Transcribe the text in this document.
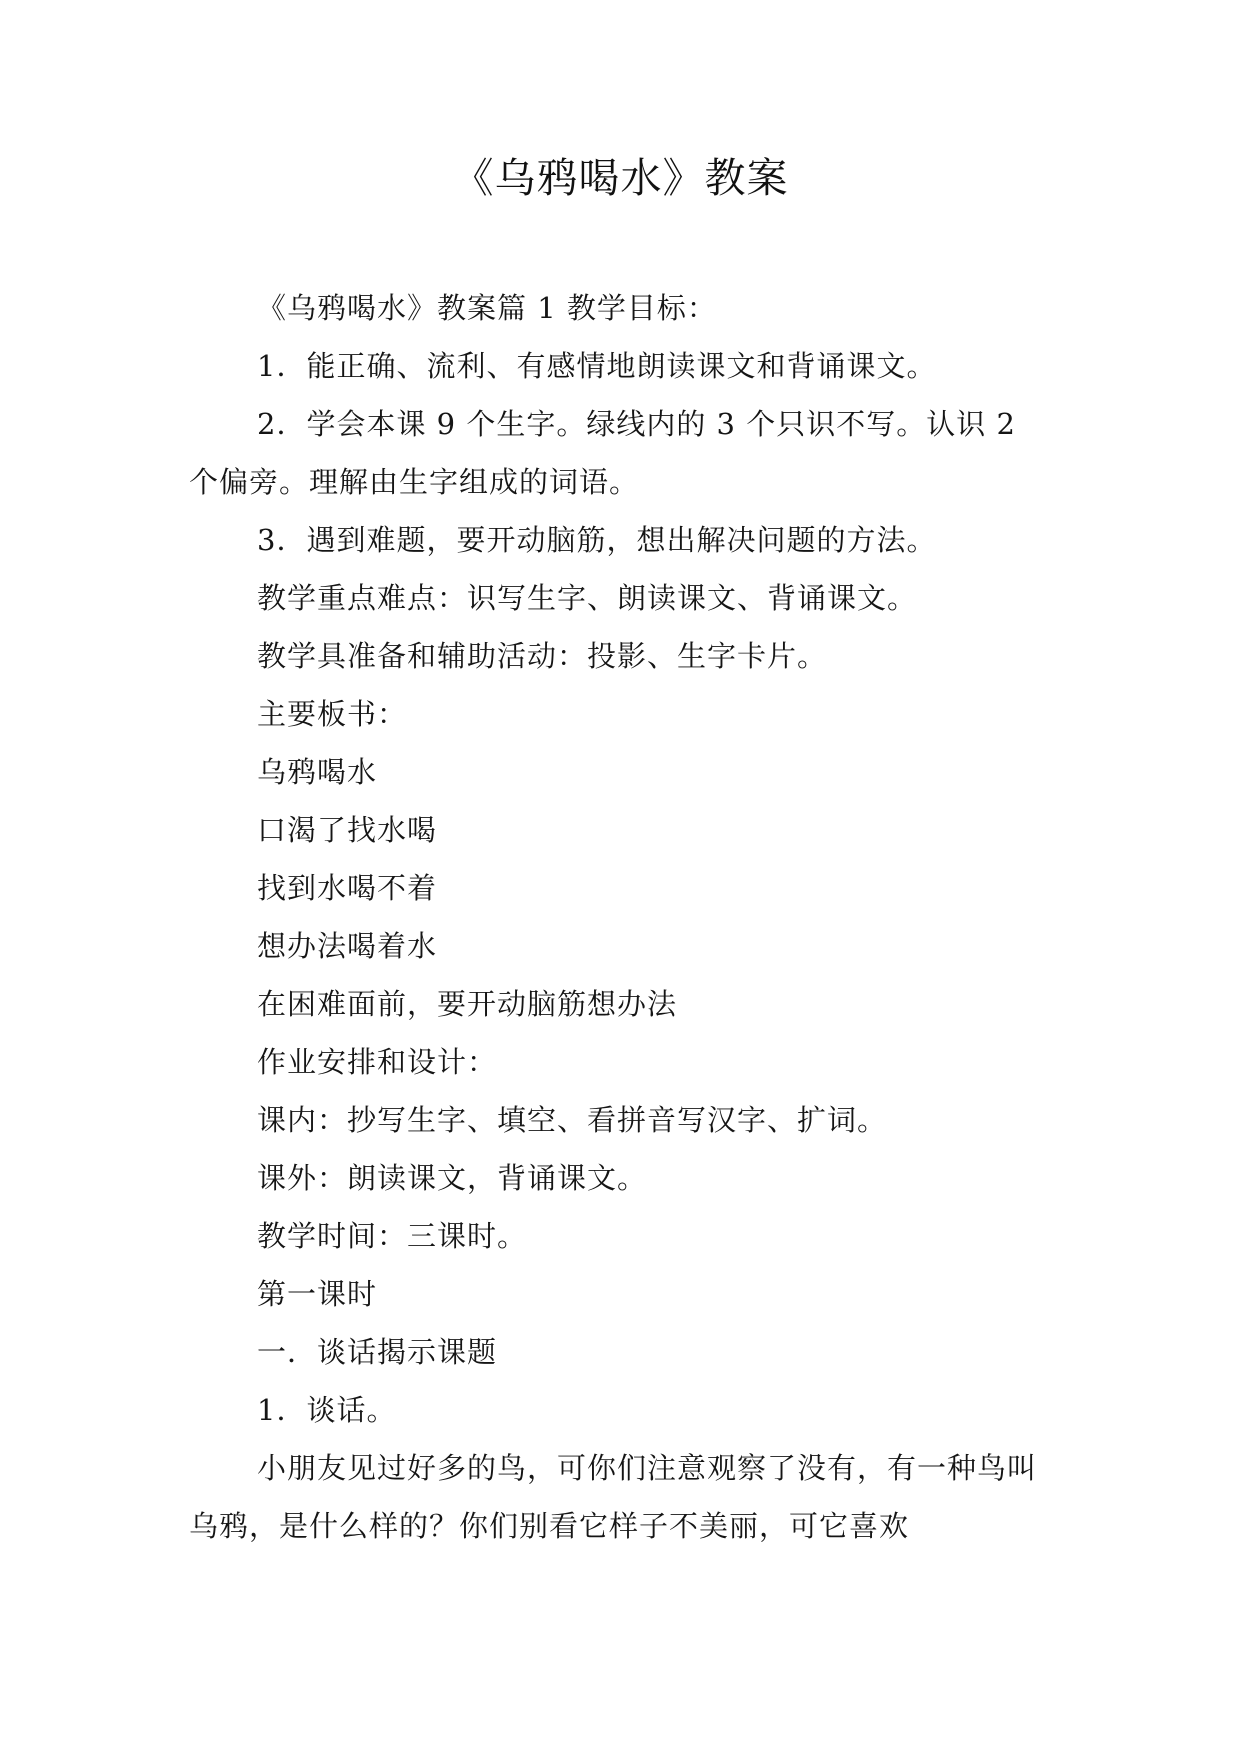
《乌鸦喝水》教案

《乌鸦喝水》教案篇 1 教学目标：

1．能正确、流利、有感情地朗读课文和背诵课文。

2．学会本课 9 个生字。绿线内的 3 个只识不写。认识 2 个偏旁。理解由生字组成的词语。

3．遇到难题，要开动脑筋，想出解决问题的方法。

教学重点难点：识写生字、朗读课文、背诵课文。

教学具准备和辅助活动：投影、生字卡片。

主要板书：

乌鸦喝水

口渴了找水喝

找到水喝不着

想办法喝着水

在困难面前，要开动脑筋想办法

作业安排和设计：

课内：抄写生字、填空、看拼音写汉字、扩词。

课外：朗读课文，背诵课文。

教学时间：三课时。

第一课时

一．谈话揭示课题

1．谈话。

小朋友见过好多的鸟，可你们注意观察了没有，有一种鸟叫乌鸦，是什么样的？你们别看它样子不美丽，可它喜欢
